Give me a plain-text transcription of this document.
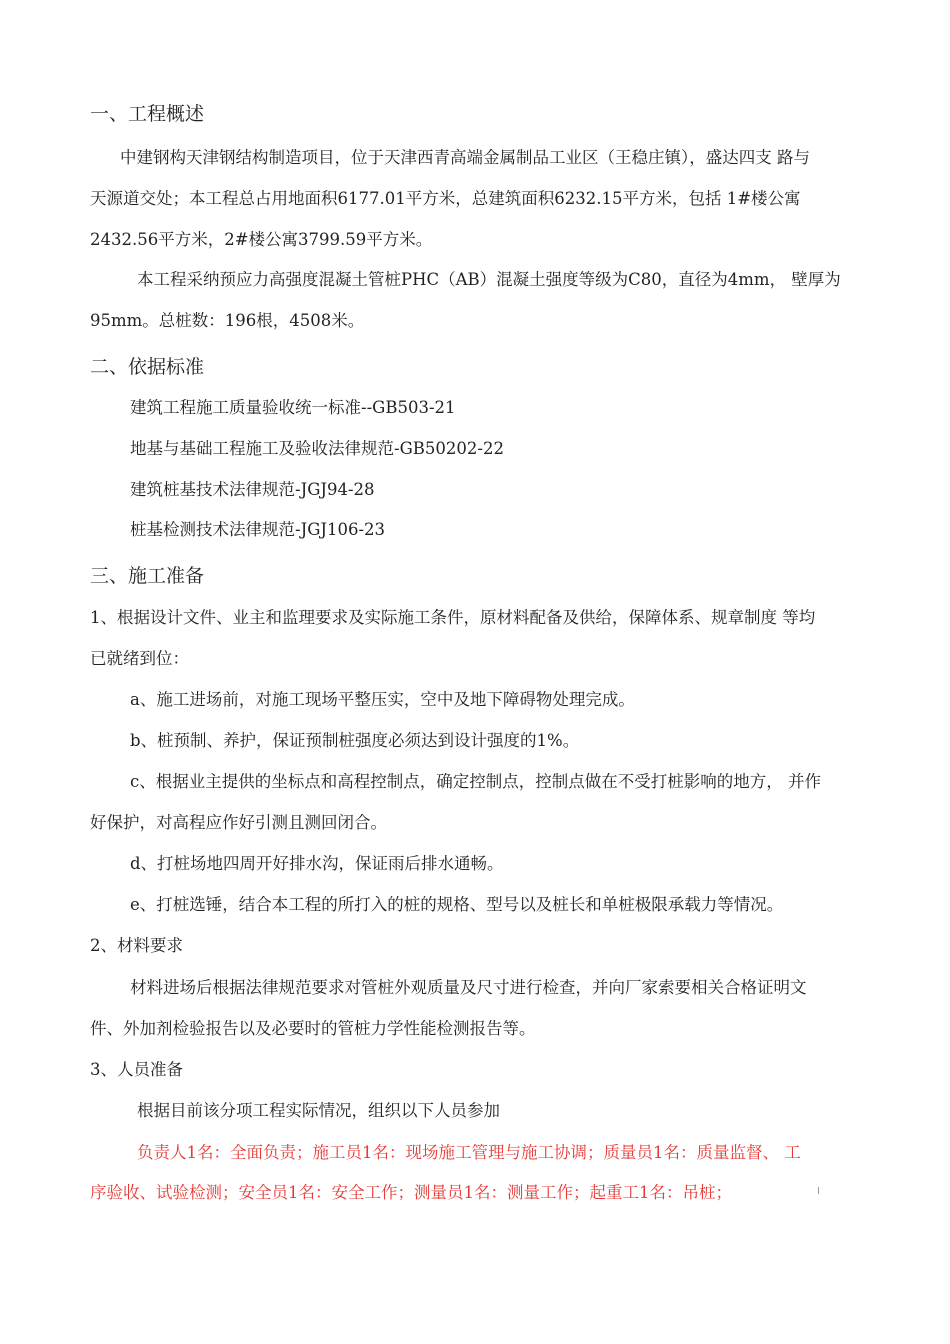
一、工程概述
中建钢构天津钢结构制造项目，位于天津西青高端金属制品工业区（王稳庄镇），盛达四支 路与
天源道交处；本工程总占用地面积6177.01平方米，总建筑面积6232.15平方米，包括 1#楼公寓
2432.56平方米，2#楼公寓3799.59平方米。
本工程采纳预应力高强度混凝土管桩PHC（AB）混凝土强度等级为C80，直径为4mm， 壁厚为
95mm。总桩数：196根，4508米。
二、依据标准
建筑工程施工质量验收统一标准--GB503-21
地基与基础工程施工及验收法律规范-GB50202-22
建筑桩基技术法律规范-JGJ94-28
桩基检测技术法律规范-JGJ106-23
三、施工准备
1、根据设计文件、业主和监理要求及实际施工条件，原材料配备及供给，保障体系、规章制度 等均
已就绪到位：
a、施工进场前，对施工现场平整压实，空中及地下障碍物处理完成。
b、桩预制、养护，保证预制桩强度必须达到设计强度的1%。
c、根据业主提供的坐标点和高程控制点，确定控制点，控制点做在不受打桩影响的地方， 并作
好保护，对高程应作好引测且测回闭合。
d、打桩场地四周开好排水沟，保证雨后排水通畅。
e、打桩选锤，结合本工程的所打入的桩的规格、型号以及桩长和单桩极限承载力等情况。
2、材料要求
材料进场后根据法律规范要求对管桩外观质量及尺寸进行检查，并向厂家索要相关合格证明文
件、外加剂检验报告以及必要时的管桩力学性能检测报告等。
3、人员准备
根据目前该分项工程实际情况，组织以下人员参加
负责人1名：全面负责；施工员1名：现场施工管理与施工协调；质量员1名：质量监督、 工
序验收、试验检测；安全员1名：安全工作；测量员1名：测量工作；起重工1名：吊桩；
